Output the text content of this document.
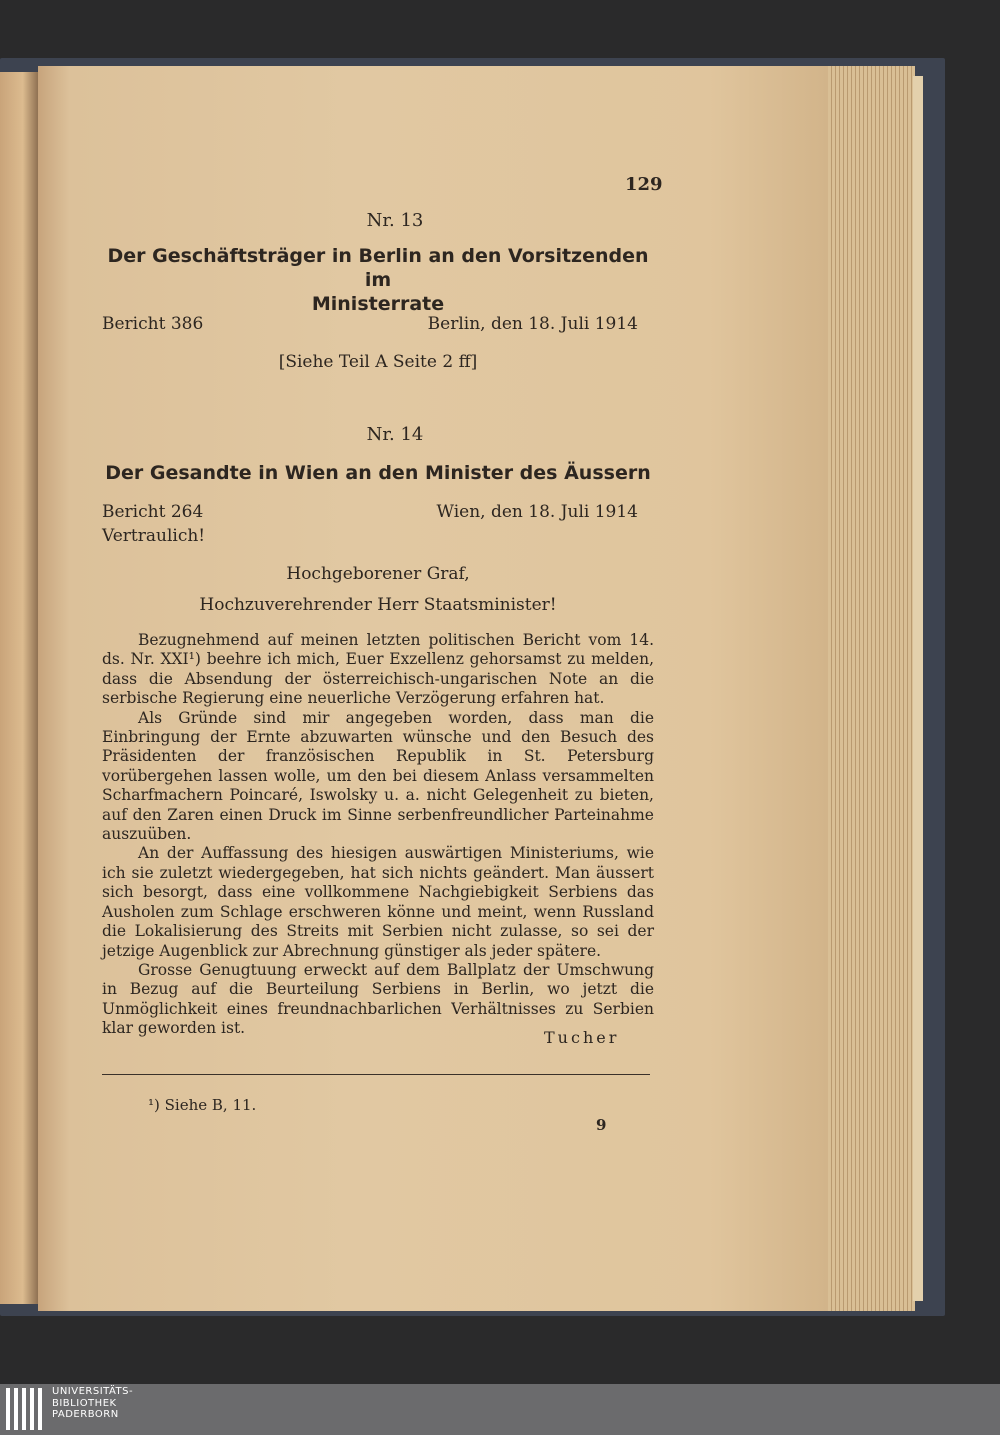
129
Nr. 13
Der Geschäftsträger in Berlin an den Vorsitzenden im
Ministerrate
Bericht 386	Berlin, den 18. Juli 1914
[Siehe Teil A Seite 2 ff]
Nr. 14
Der Gesandte in Wien an den Minister des Äussern
Bericht 264	Wien, den 18. Juli 1914
Vertraulich!
Hochgeborener Graf,
Hochzuverehrender Herr Staatsminister!

Bezugnehmend auf meinen letzten politischen Bericht vom 14. ds. Nr. XXI¹) beehre ich mich, Euer Exzellenz gehorsamst zu melden, dass die Absendung der österreichisch-ungarischen Note an die serbische Regierung eine neuerliche Verzögerung erfahren hat.

Als Gründe sind mir angegeben worden, dass man die Einbringung der Ernte abzuwarten wünsche und den Besuch des Präsidenten der französischen Republik in St. Petersburg vorübergehen lassen wolle, um den bei diesem Anlass versammelten Scharfmachern Poincaré, Iswolsky u. a. nicht Gelegenheit zu bieten, auf den Zaren einen Druck im Sinne serbenfreundlicher Parteinahme auszuüben.

An der Auffassung des hiesigen auswärtigen Ministeriums, wie ich sie zuletzt wiedergegeben, hat sich nichts geändert. Man äussert sich besorgt, dass eine vollkommene Nachgiebigkeit Serbiens das Ausholen zum Schlage erschweren könne und meint, wenn Russland die Lokalisierung des Streits mit Serbien nicht zulasse, so sei der jetzige Augenblick zur Abrechnung günstiger als jeder spätere.

Grosse Genugtuung erweckt auf dem Ballplatz der Umschwung in Bezug auf die Beurteilung Serbiens in Berlin, wo jetzt die Unmöglichkeit eines freundnachbarlichen Verhältnisses zu Serbien klar geworden ist.	Tucher
¹) Siehe B, 11.
9
UNIVERSITÄTS-
BIBLIOTHEK
PADERBORN
